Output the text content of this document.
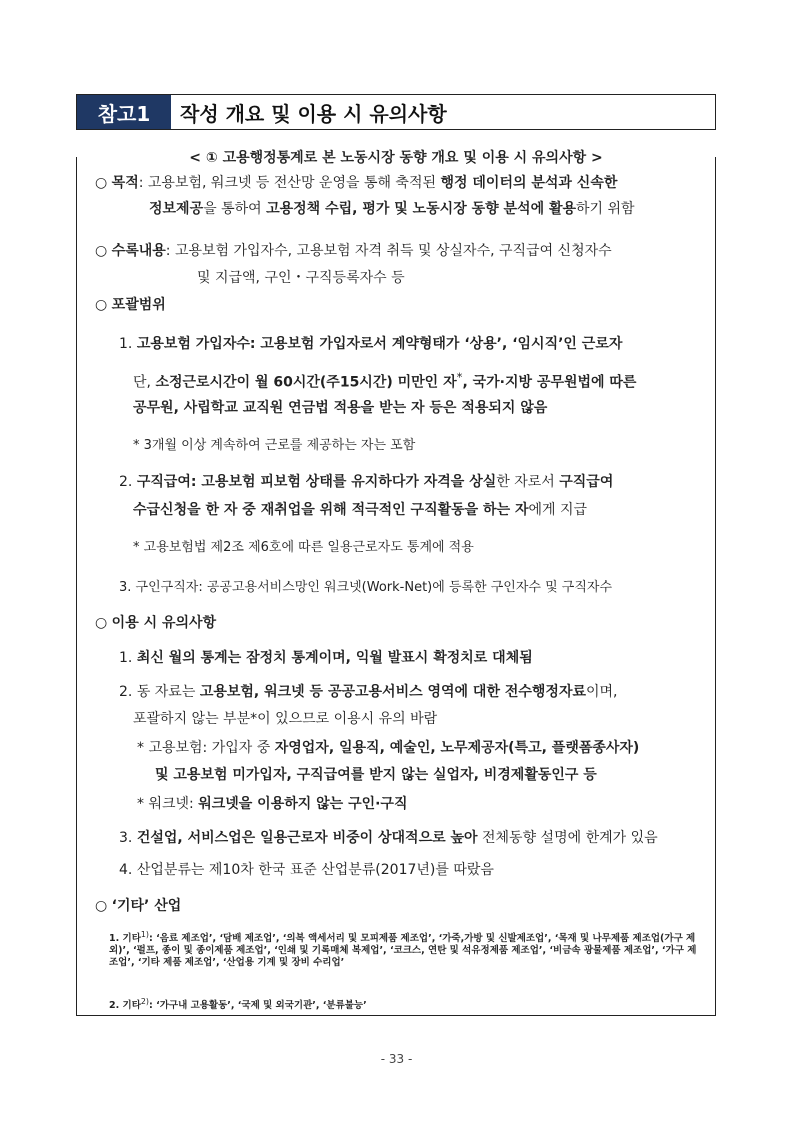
참고1	작성 개요 및 이용 시 유의사항
< ① 고용행정통계로 본 노동시장 동향 개요 및 이용 시 유의사항 >
○ 목적: 고용보험, 워크넷 등 전산망 운영을 통해 축적된 행정 데이터의 분석과 신속한
정보제공을 통하여 고용정책 수립, 평가 및 노동시장 동향 분석에 활용하기 위함
○ 수록내용: 고용보험 가입자수, 고용보험 자격 취득 및 상실자수, 구직급여 신청자수
및 지급액, 구인・구직등록자수 등
○ 포괄범위
1. 고용보험 가입자수: 고용보험 가입자로서 계약형태가 ‘상용’, ‘임시직’인 근로자
단, 소정근로시간이 월 60시간(주15시간) 미만인 자*, 국가·지방 공무원법에 따른
공무원, 사립학교 교직원 연금법 적용을 받는 자 등은 적용되지 않음
* 3개월 이상 계속하여 근로를 제공하는 자는 포함
2. 구직급여: 고용보험 피보험 상태를 유지하다가 자격을 상실한 자로서 구직급여
수급신청을 한 자 중 재취업을 위해 적극적인 구직활동을 하는 자에게 지급
* 고용보험법 제2조 제6호에 따른 일용근로자도 통계에 적용
3. 구인구직자: 공공고용서비스망인 워크넷(Work-Net)에 등록한 구인자수 및 구직자수
○ 이용 시 유의사항
1. 최신 월의 통계는 잠정치 통계이며, 익월 발표시 확정치로 대체됨
2. 동 자료는 고용보험, 워크넷 등 공공고용서비스 영역에 대한 전수행정자료이며,
포괄하지 않는 부분*이 있으므로 이용시 유의 바람
* 고용보험: 가입자 중 자영업자, 일용직, 예술인, 노무제공자(특고, 플랫폼종사자)
및 고용보험 미가입자, 구직급여를 받지 않는 실업자, 비경제활동인구 등
* 워크넷: 워크넷을 이용하지 않는 구인·구직
3. 건설업, 서비스업은 일용근로자 비중이 상대적으로 높아 전체동향 설명에 한계가 있음
4. 산업분류는 제10차 한국 표준 산업분류(2017년)를 따랐음
○ ‘기타’ 산업
1. 기타$^{1)}$: ‘음료 제조업’, ‘담배 제조업’, ‘의복 액세서리 및 모피제품 제조업’, ‘가죽,가방 및 신발제조업’, ‘목재 및 나무제품 제조업(가구 제외)’, ‘펄프, 종이 및 종이제품 제조업’, ‘인쇄 및 기록매체 복제업’, ‘코크스, 연탄 및 석유정제품 제조업’, ‘비금속 광물제품 제조업’, ‘가구 제조업’, ‘기타 제품 제조업’, ‘산업용 기계 및 장비 수리업’
2. 기타$^{2)}$: ‘가구내 고용활동’, ‘국제 및 외국기관’, ‘분류불능’
- 33 -
